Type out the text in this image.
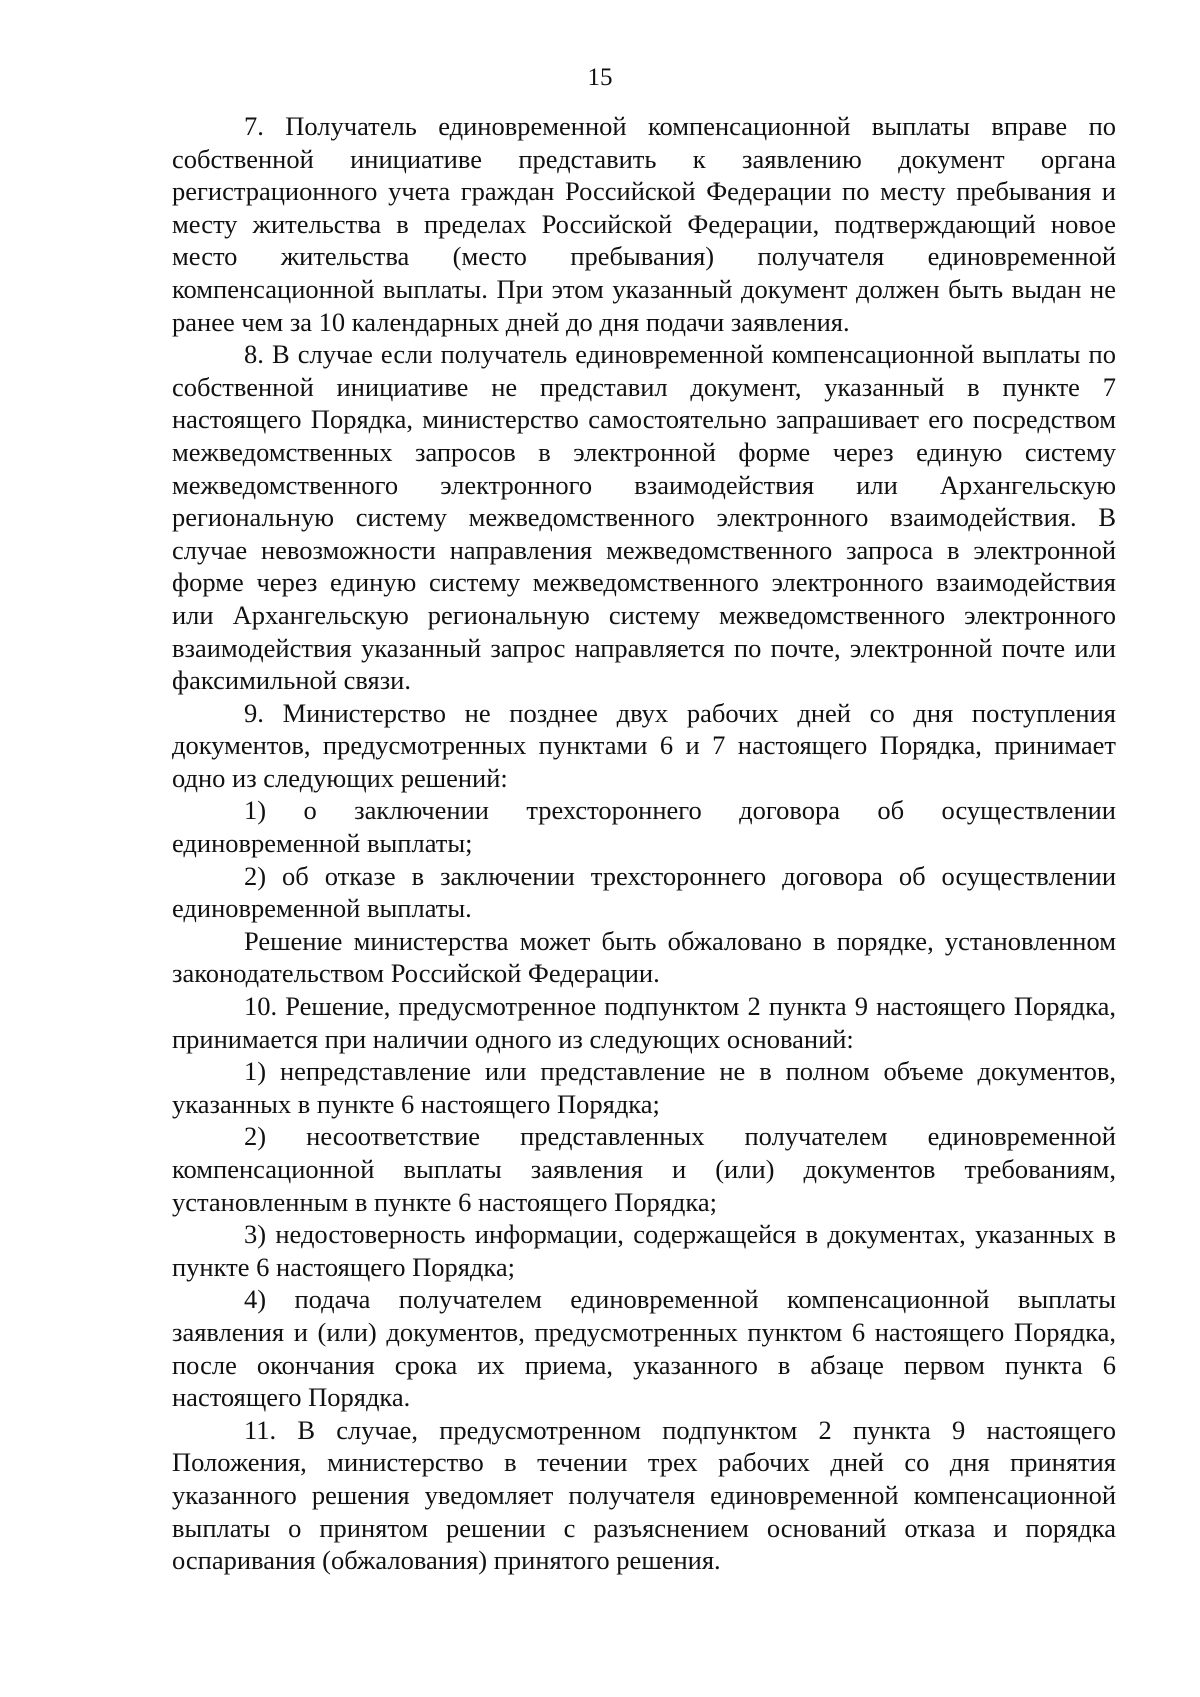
15

7. Получатель единовременной компенсационной выплаты вправе по собственной инициативе представить к заявлению документ органа регистрационного учета граждан Российской Федерации по месту пребывания и месту жительства в пределах Российской Федерации, подтверждающий новое место жительства (место пребывания) получателя единовременной компенсационной выплаты. При этом указанный документ должен быть выдан не ранее чем за 10 календарных дней до дня подачи заявления.

8. В случае если получатель единовременной компенсационной выплаты по собственной инициативе не представил документ, указанный в пункте 7 настоящего Порядка, министерство самостоятельно запрашивает его посредством межведомственных запросов в электронной форме через единую систему межведомственного электронного взаимодействия или Архангельскую региональную систему межведомственного электронного взаимодействия. В случае невозможности направления межведомственного запроса в электронной форме через единую систему межведомственного электронного взаимодействия или Архангельскую региональную систему межведомственного электронного взаимодействия указанный запрос направляется по почте, электронной почте или факсимильной связи.

9. Министерство не позднее двух рабочих дней со дня поступления документов, предусмотренных пунктами 6 и 7 настоящего Порядка, принимает одно из следующих решений:

1) о заключении трехстороннего договора об осуществлении единовременной выплаты;

2) об отказе в заключении трехстороннего договора об осуществлении единовременной выплаты.

Решение министерства может быть обжаловано в порядке, установленном законодательством Российской Федерации.

10. Решение, предусмотренное подпунктом 2 пункта 9 настоящего Порядка, принимается при наличии одного из следующих оснований:

1) непредставление или представление не в полном объеме документов, указанных в пункте 6 настоящего Порядка;

2) несоответствие представленных получателем единовременной компенсационной выплаты заявления и (или) документов требованиям, установленным в пункте 6 настоящего Порядка;

3) недостоверность информации, содержащейся в документах, указанных в пункте 6 настоящего Порядка;

4) подача получателем единовременной компенсационной выплаты заявления и (или) документов, предусмотренных пунктом 6 настоящего Порядка, после окончания срока их приема, указанного в абзаце первом пункта 6 настоящего Порядка.

11. В случае, предусмотренном подпунктом 2 пункта 9 настоящего Положения, министерство в течении трех рабочих дней со дня принятия указанного решения уведомляет получателя единовременной компенсационной выплаты о принятом решении с разъяснением оснований отказа и порядка оспаривания (обжалования) принятого решения.
